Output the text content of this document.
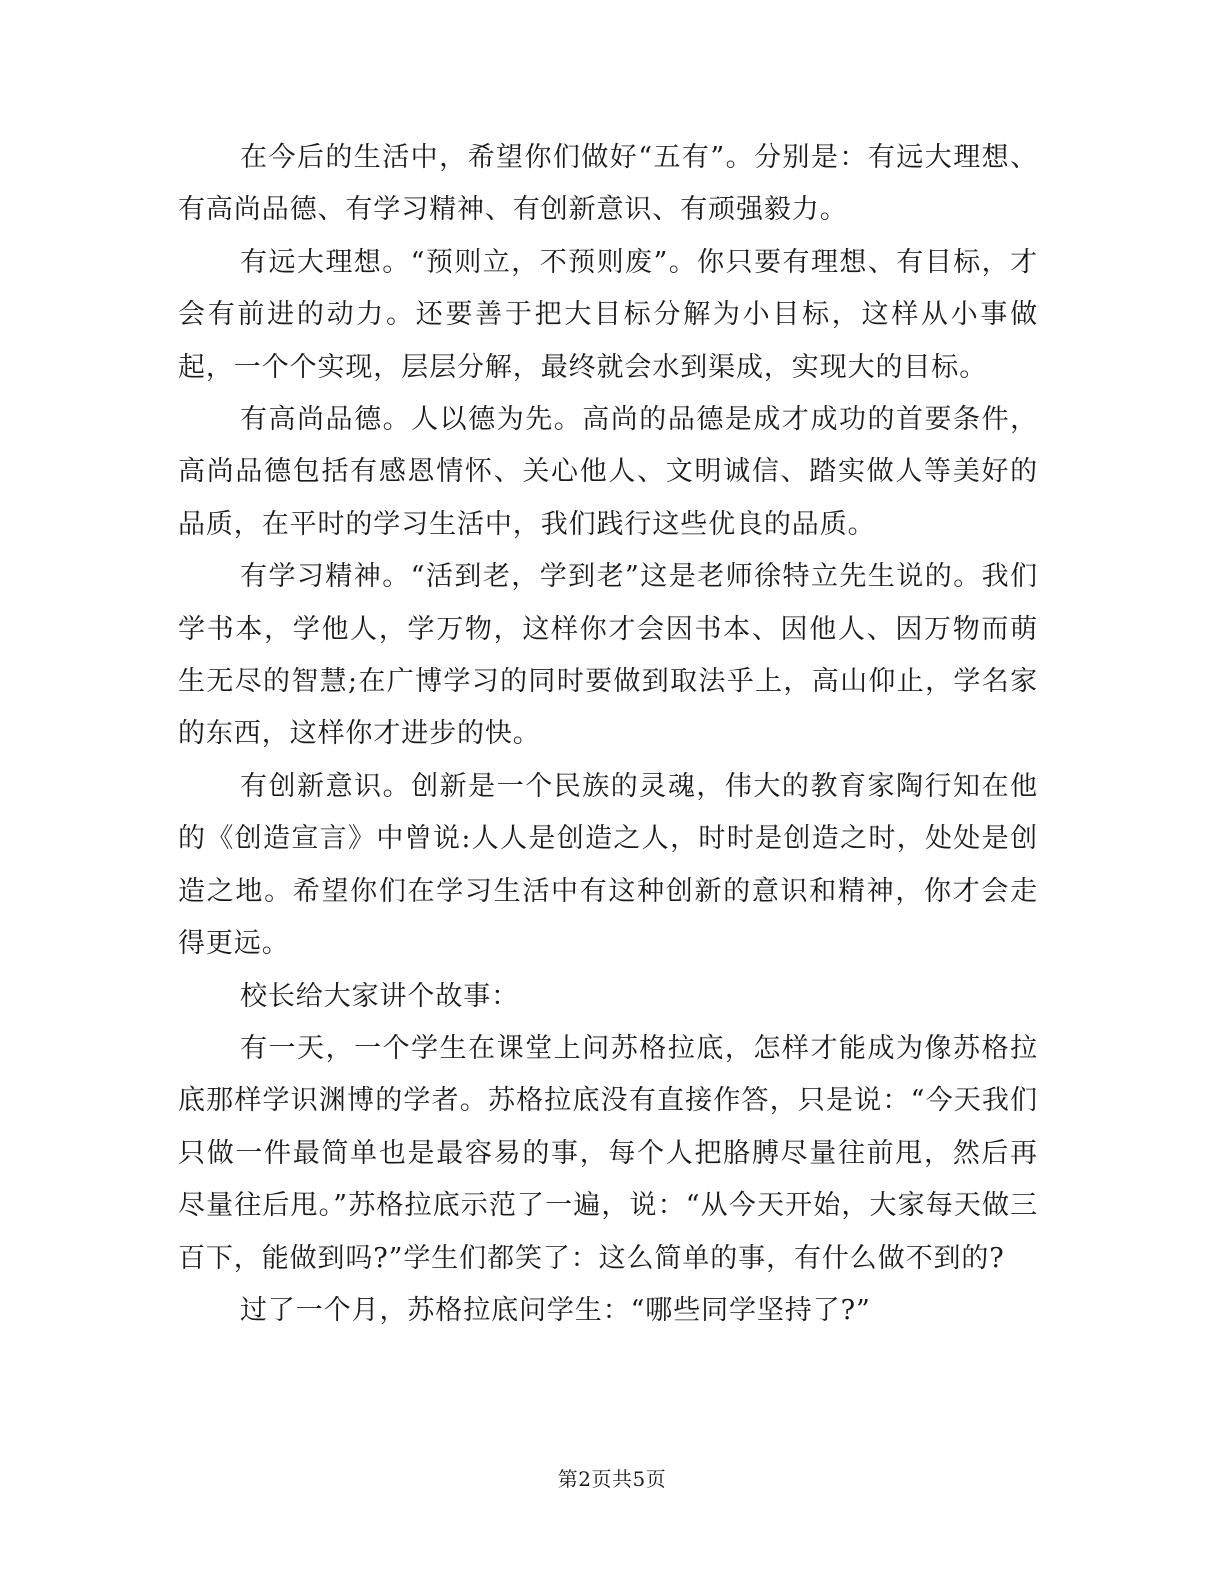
在今后的生活中，希望你们做好“五有”。分别是：有远大理想、有高尚品德、有学习精神、有创新意识、有顽强毅力。

有远大理想。“预则立，不预则废”。你只要有理想、有目标，才会有前进的动力。还要善于把大目标分解为小目标，这样从小事做起，一个个实现，层层分解，最终就会水到渠成，实现大的目标。

有高尚品德。人以德为先。高尚的品德是成才成功的首要条件，高尚品德包括有感恩情怀、关心他人、文明诚信、踏实做人等美好的品质，在平时的学习生活中，我们践行这些优良的品质。

有学习精神。“活到老，学到老”这是老师徐特立先生说的。我们学书本，学他人，学万物，这样你才会因书本、因他人、因万物而萌生无尽的智慧;在广博学习的同时要做到取法乎上，高山仰止，学名家的东西，这样你才进步的快。

有创新意识。创新是一个民族的灵魂，伟大的教育家陶行知在他的《创造宣言》中曾说:人人是创造之人，时时是创造之时，处处是创造之地。希望你们在学习生活中有这种创新的意识和精神，你才会走得更远。

校长给大家讲个故事：

有一天，一个学生在课堂上问苏格拉底，怎样才能成为像苏格拉底那样学识渊博的学者。苏格拉底没有直接作答，只是说：“今天我们只做一件最简单也是最容易的事，每个人把胳膊尽量往前甩，然后再尽量往后甩。”苏格拉底示范了一遍，说：“从今天开始，大家每天做三百下，能做到吗?”学生们都笑了：这么简单的事，有什么做不到的?

过了一个月，苏格拉底问学生：“哪些同学坚持了?”

第2页共5页
